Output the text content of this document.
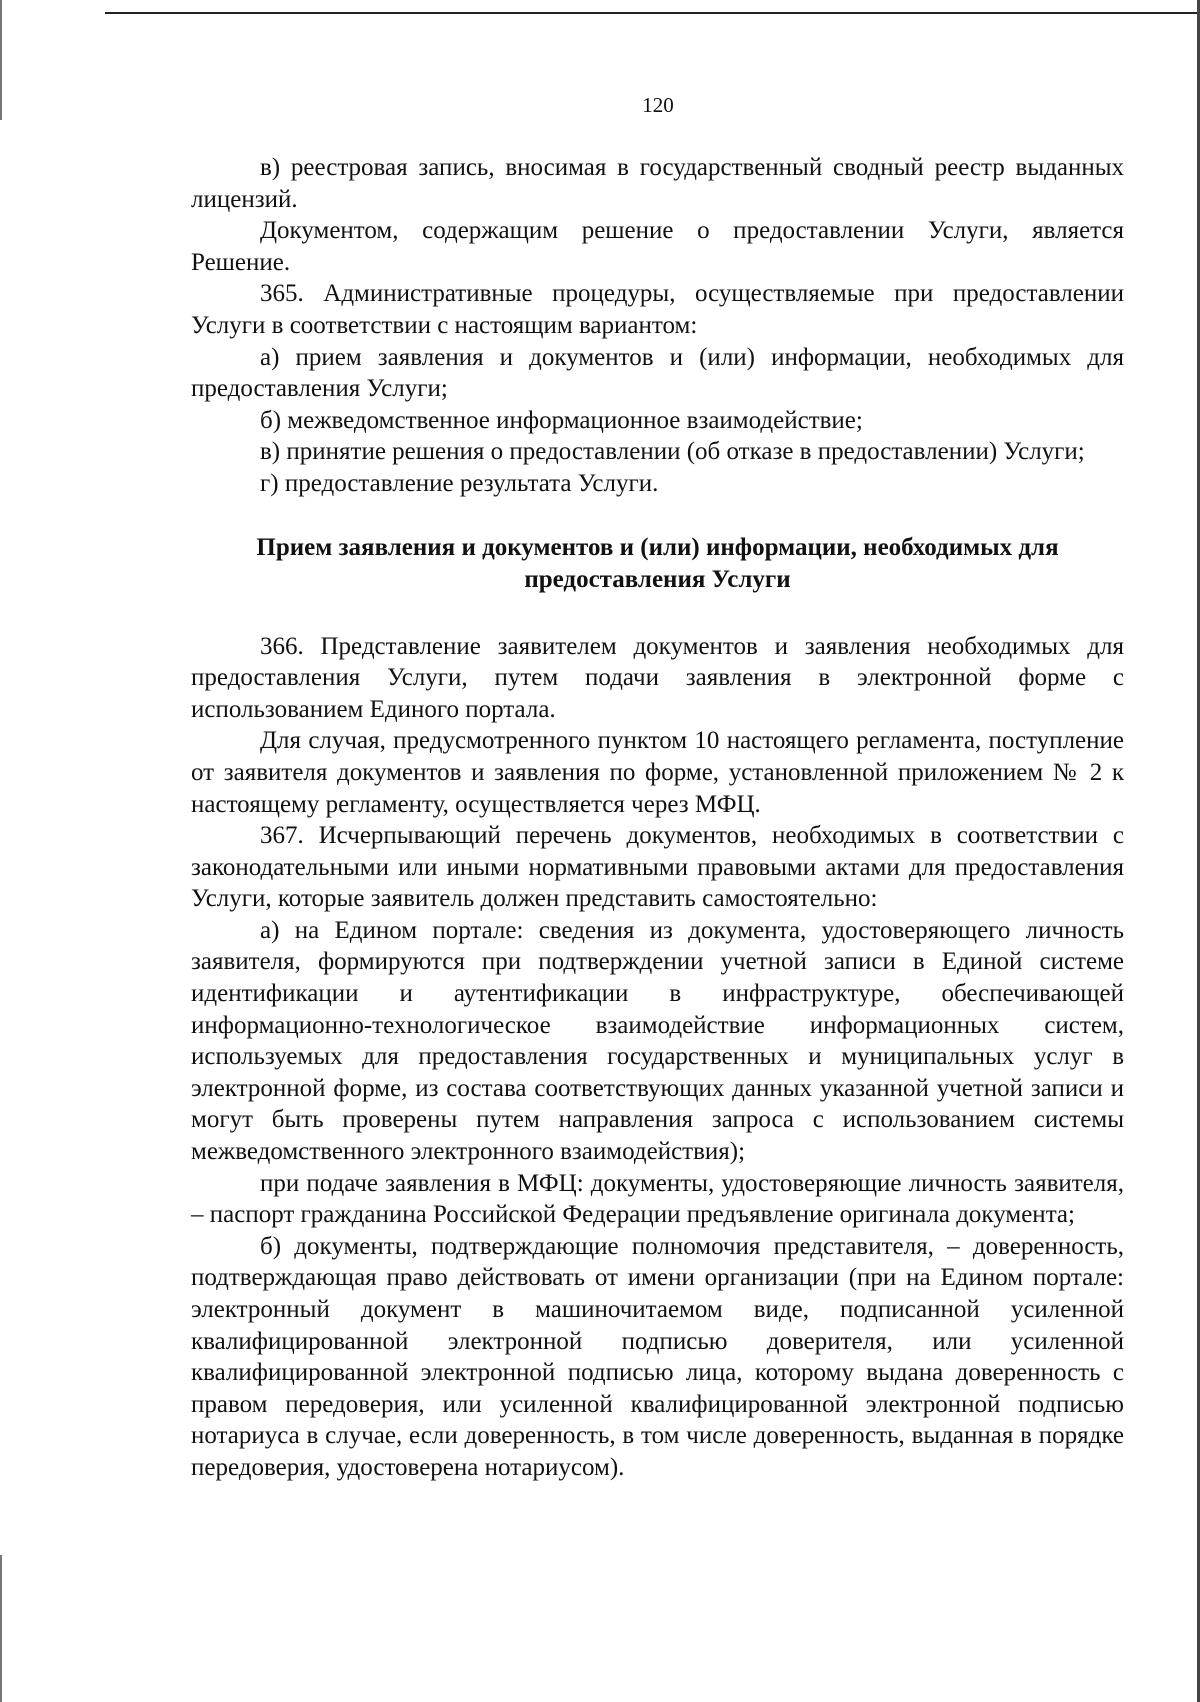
120

в) реестровая запись, вносимая в государственный сводный реестр выданных лицензий.

Документом, содержащим решение о предоставлении Услуги, является Решение.

365. Административные процедуры, осуществляемые при предоставлении Услуги в соответствии с настоящим вариантом:

а) прием заявления и документов и (или) информации, необходимых для предоставления Услуги;

б) межведомственное информационное взаимодействие;

в) принятие решения о предоставлении (об отказе в предоставлении) Услуги;

г) предоставление результата Услуги.

Прием заявления и документов и (или) информации, необходимых для предоставления Услуги

366. Представление заявителем документов и заявления необходимых для предоставления Услуги, путем подачи заявления в электронной форме с использованием Единого портала.

Для случая, предусмотренного пунктом 10 настоящего регламента, поступление от заявителя документов и заявления по форме, установленной приложением № 2 к настоящему регламенту, осуществляется через МФЦ.

367. Исчерпывающий перечень документов, необходимых в соответствии с законодательными или иными нормативными правовыми актами для предоставления Услуги, которые заявитель должен представить самостоятельно:

а) на Едином портале: сведения из документа, удостоверяющего личность заявителя, формируются при подтверждении учетной записи в Единой системе идентификации и аутентификации в инфраструктуре, обеспечивающей информационно-технологическое взаимодействие информационных систем, используемых для предоставления государственных и муниципальных услуг в электронной форме, из состава соответствующих данных указанной учетной записи и могут быть проверены путем направления запроса с использованием системы межведомственного электронного взаимодействия);

при подаче заявления в МФЦ: документы, удостоверяющие личность заявителя, – паспорт гражданина Российской Федерации предъявление оригинала документа;

б) документы, подтверждающие полномочия представителя, – доверенность, подтверждающая право действовать от имени организации (при на Едином портале: электронный документ в машиночитаемом виде, подписанной усиленной квалифицированной электронной подписью доверителя, или усиленной квалифицированной электронной подписью лица, которому выдана доверенность с правом передоверия, или усиленной квалифицированной электронной подписью нотариуса в случае, если доверенность, в том числе доверенность, выданная в порядке передоверия, удостоверена нотариусом).
